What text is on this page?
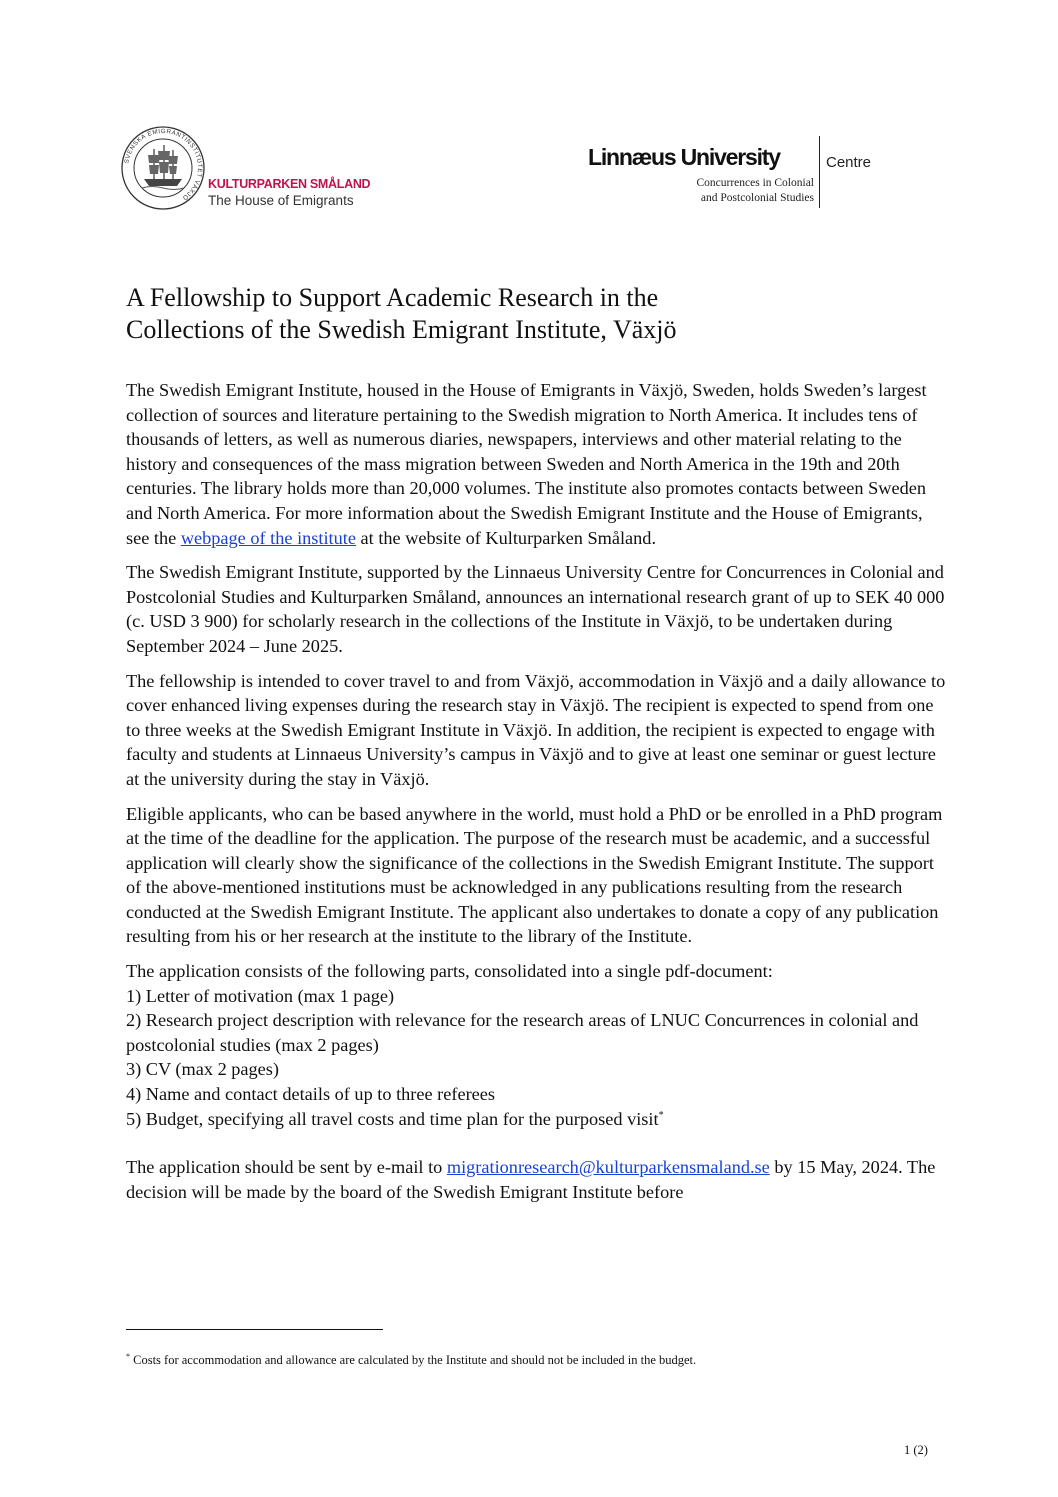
SVENSKA EMIGRANTINSTITUTET VÄXJÖ
KULTURPARKEN SMÅLAND
The House of Emigrants
Linnæus University	Centre
Concurrences in Colonial
and Postcolonial Studies
A Fellowship to Support Academic Research in the
Collections of the Swedish Emigrant Institute, Växjö

The Swedish Emigrant Institute, housed in the House of Emigrants in Växjö, Sweden, holds Sweden’s largest collection of sources and literature pertaining to the Swedish migration to North America. It includes tens of thousands of letters, as well as numerous diaries, newspapers, interviews and other material relating to the history and consequences of the mass migration between Sweden and North America in the 19th and 20th centuries. The library holds more than 20,000 volumes. The institute also promotes contacts between Sweden and North America. For more information about the Swedish Emigrant Institute and the House of Emigrants, see the webpage of the institute at the website of Kulturparken Småland.

The Swedish Emigrant Institute, supported by the Linnaeus University Centre for Concurrences in Colonial and Postcolonial Studies and Kulturparken Småland, announces an international research grant of up to SEK 40 000 (c. USD 3 900) for scholarly research in the collections of the Institute in Växjö, to be undertaken during September 2024 – June 2025.

The fellowship is intended to cover travel to and from Växjö, accommodation in Växjö and a daily allowance to cover enhanced living expenses during the research stay in Växjö. The recipient is expected to spend from one to three weeks at the Swedish Emigrant Institute in Växjö. In addition, the recipient is expected to engage with faculty and students at Linnaeus University’s campus in Växjö and to give at least one seminar or guest lecture at the university during the stay in Växjö.

Eligible applicants, who can be based anywhere in the world, must hold a PhD or be enrolled in a PhD program at the time of the deadline for the application. The purpose of the research must be academic, and a successful application will clearly show the significance of the collections in the Swedish Emigrant Institute. The support of the above-mentioned institutions must be acknowledged in any publications resulting from the research conducted at the Swedish Emigrant Institute. The applicant also undertakes to donate a copy of any publication resulting from his or her research at the institute to the library of the Institute.

The application consists of the following parts, consolidated into a single pdf-document:
1) Letter of motivation (max 1 page)
2) Research project description with relevance for the research areas of LNUC Concurrences in colonial and postcolonial studies (max 2 pages)
3) CV (max 2 pages)
4) Name and contact details of up to three referees
5) Budget, specifying all travel costs and time plan for the purposed visit*

The application should be sent by e-mail to migrationresearch@kulturparkensmaland.se by 15 May, 2024. The decision will be made by the board of the Swedish Emigrant Institute before

* Costs for accommodation and allowance are calculated by the Institute and should not be included in the budget.
1 (2)
